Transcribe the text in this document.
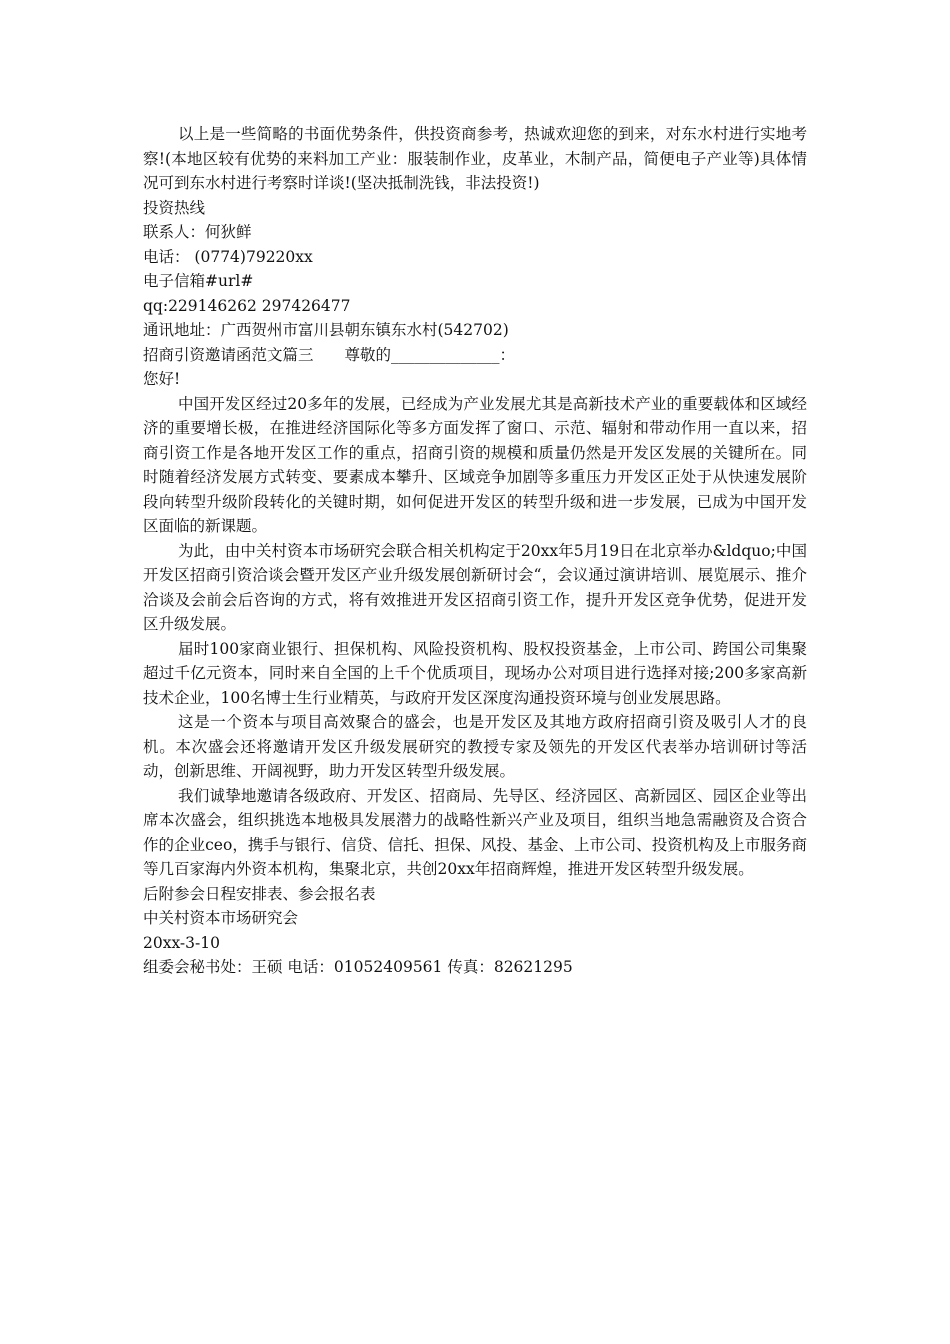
以上是一些简略的书面优势条件，供投资商参考，热诚欢迎您的到来，对东水村进行实地考察!(本地区较有优势的来料加工产业：服装制作业，皮革业，木制产品，简便电子产业等)具体情况可到东水村进行考察时详谈!(坚决抵制洗钱，非法投资!)

投资热线

联系人：何狄鲜

电话： (0774)79220xx

电子信箱#url#

qq:229146262 297426477

通讯地址：广西贺州市富川县朝东镇东水村(542702)

招商引资邀请函范文篇三　　尊敬的______________：

您好!

中国开发区经过20多年的发展，已经成为产业发展尤其是高新技术产业的重要载体和区域经济的重要增长极，在推进经济国际化等多方面发挥了窗口、示范、辐射和带动作用一直以来，招商引资工作是各地开发区工作的重点，招商引资的规模和质量仍然是开发区发展的关键所在。同时随着经济发展方式转变、要素成本攀升、区域竞争加剧等多重压力开发区正处于从快速发展阶段向转型升级阶段转化的关键时期，如何促进开发区的转型升级和进一步发展，已成为中国开发区面临的新课题。

为此，由中关村资本市场研究会联合相关机构定于20xx年5月19日在北京举办&ldquo;中国开发区招商引资洽谈会暨开发区产业升级发展创新研讨会“，会议通过演讲培训、展览展示、推介洽谈及会前会后咨询的方式，将有效推进开发区招商引资工作，提升开发区竞争优势，促进开发区升级发展。

届时100家商业银行、担保机构、风险投资机构、股权投资基金，上市公司、跨国公司集聚超过千亿元资本，同时来自全国的上千个优质项目，现场办公对项目进行选择对接;200多家高新技术企业，100名博士生行业精英，与政府开发区深度沟通投资环境与创业发展思路。

这是一个资本与项目高效聚合的盛会，也是开发区及其地方政府招商引资及吸引人才的良机。本次盛会还将邀请开发区升级发展研究的教授专家及领先的开发区代表举办培训研讨等活动，创新思维、开阔视野，助力开发区转型升级发展。

我们诚挚地邀请各级政府、开发区、招商局、先导区、经济园区、高新园区、园区企业等出席本次盛会，组织挑选本地极具发展潜力的战略性新兴产业及项目，组织当地急需融资及合资合作的企业ceo，携手与银行、信贷、信托、担保、风投、基金、上市公司、投资机构及上市服务商等几百家海内外资本机构，集聚北京，共创20xx年招商辉煌，推进开发区转型升级发展。

后附参会日程安排表、参会报名表

中关村资本市场研究会

20xx-3-10

组委会秘书处：王硕 电话：01052409561 传真：82621295
